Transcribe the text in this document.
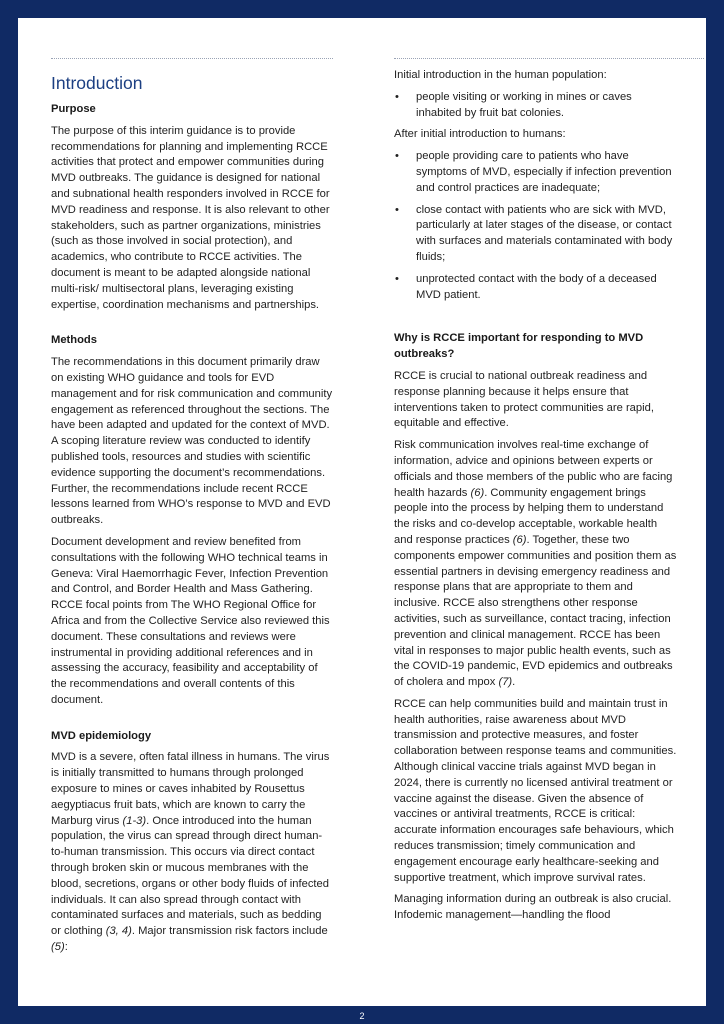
Introduction
Purpose

The purpose of this interim guidance is to provide recommendations for planning and implementing RCCE activities that protect and empower communities during MVD outbreaks. The guidance is designed for national and subnational health responders involved in RCCE for MVD readiness and response. It is also relevant to other stakeholders, such as partner organizations, ministries (such as those involved in social protection), and academics, who contribute to RCCE activities. The document is meant to be adapted alongside national multi-risk/ multisectoral plans, leveraging existing expertise, coordination mechanisms and partnerships.

Methods

The recommendations in this document primarily draw on existing WHO guidance and tools for EVD management and for risk communication and community engagement as referenced throughout the sections. The have been adapted and updated for the context of MVD. A scoping literature review was conducted to identify published tools, resources and studies with scientific evidence supporting the document’s recommendations. Further, the recommendations include recent RCCE lessons learned from WHO’s response to MVD and EVD outbreaks.

Document development and review benefited from consultations with the following WHO technical teams in Geneva: Viral Haemorrhagic Fever, Infection Prevention and Control, and Border Health and Mass Gathering. RCCE focal points from The WHO Regional Office for Africa and from the Collective Service also reviewed this document. These consultations and reviews were instrumental in providing additional references and in assessing the accuracy, feasibility and acceptability of the recommendations and overall contents of this document.

MVD epidemiology

MVD is a severe, often fatal illness in humans. The virus is initially transmitted to humans through prolonged exposure to mines or caves inhabited by Rousettus aegyptiacus fruit bats, which are known to carry the Marburg virus (1-3). Once introduced into the human population, the virus can spread through direct human-to-human transmission. This occurs via direct contact through broken skin or mucous membranes with the blood, secretions, organs or other body fluids of infected individuals. It can also spread through contact with contaminated surfaces and materials, such as bedding or clothing (3, 4). Major transmission risk factors include (5):

Initial introduction in the human population:

• people visiting or working in mines or caves inhabited by fruit bat colonies.

After initial introduction to humans:

• people providing care to patients who have symptoms of MVD, especially if infection prevention and control practices are inadequate;
• close contact with patients who are sick with MVD, particularly at later stages of the disease, or contact with surfaces and materials contaminated with body fluids;
• unprotected contact with the body of a deceased MVD patient.
Why is RCCE important for responding to MVD outbreaks?

RCCE is crucial to national outbreak readiness and response planning because it helps ensure that interventions taken to protect communities are rapid, equitable and effective.

Risk communication involves real-time exchange of information, advice and opinions between experts or officials and those members of the public who are facing health hazards (6). Community engagement brings people into the process by helping them to understand the risks and co-develop acceptable, workable health and response practices (6). Together, these two components empower communities and position them as essential partners in devising emergency readiness and response plans that are appropriate to them and inclusive. RCCE also strengthens other response activities, such as surveillance, contact tracing, infection prevention and clinical management. RCCE has been vital in responses to major public health events, such as the COVID-19 pandemic, EVD epidemics and outbreaks of cholera and mpox (7).

RCCE can help communities build and maintain trust in health authorities, raise awareness about MVD transmission and protective measures, and foster collaboration between response teams and communities. Although clinical vaccine trials against MVD began in 2024, there is currently no licensed antiviral treatment or vaccine against the disease. Given the absence of vaccines or antiviral treatments, RCCE is critical: accurate information encourages safe behaviours, which reduces transmission; timely communication and engagement encourage early healthcare-seeking and supportive treatment, which improve survival rates.

Managing information during an outbreak is also crucial. Infodemic management—handling the flood

2
